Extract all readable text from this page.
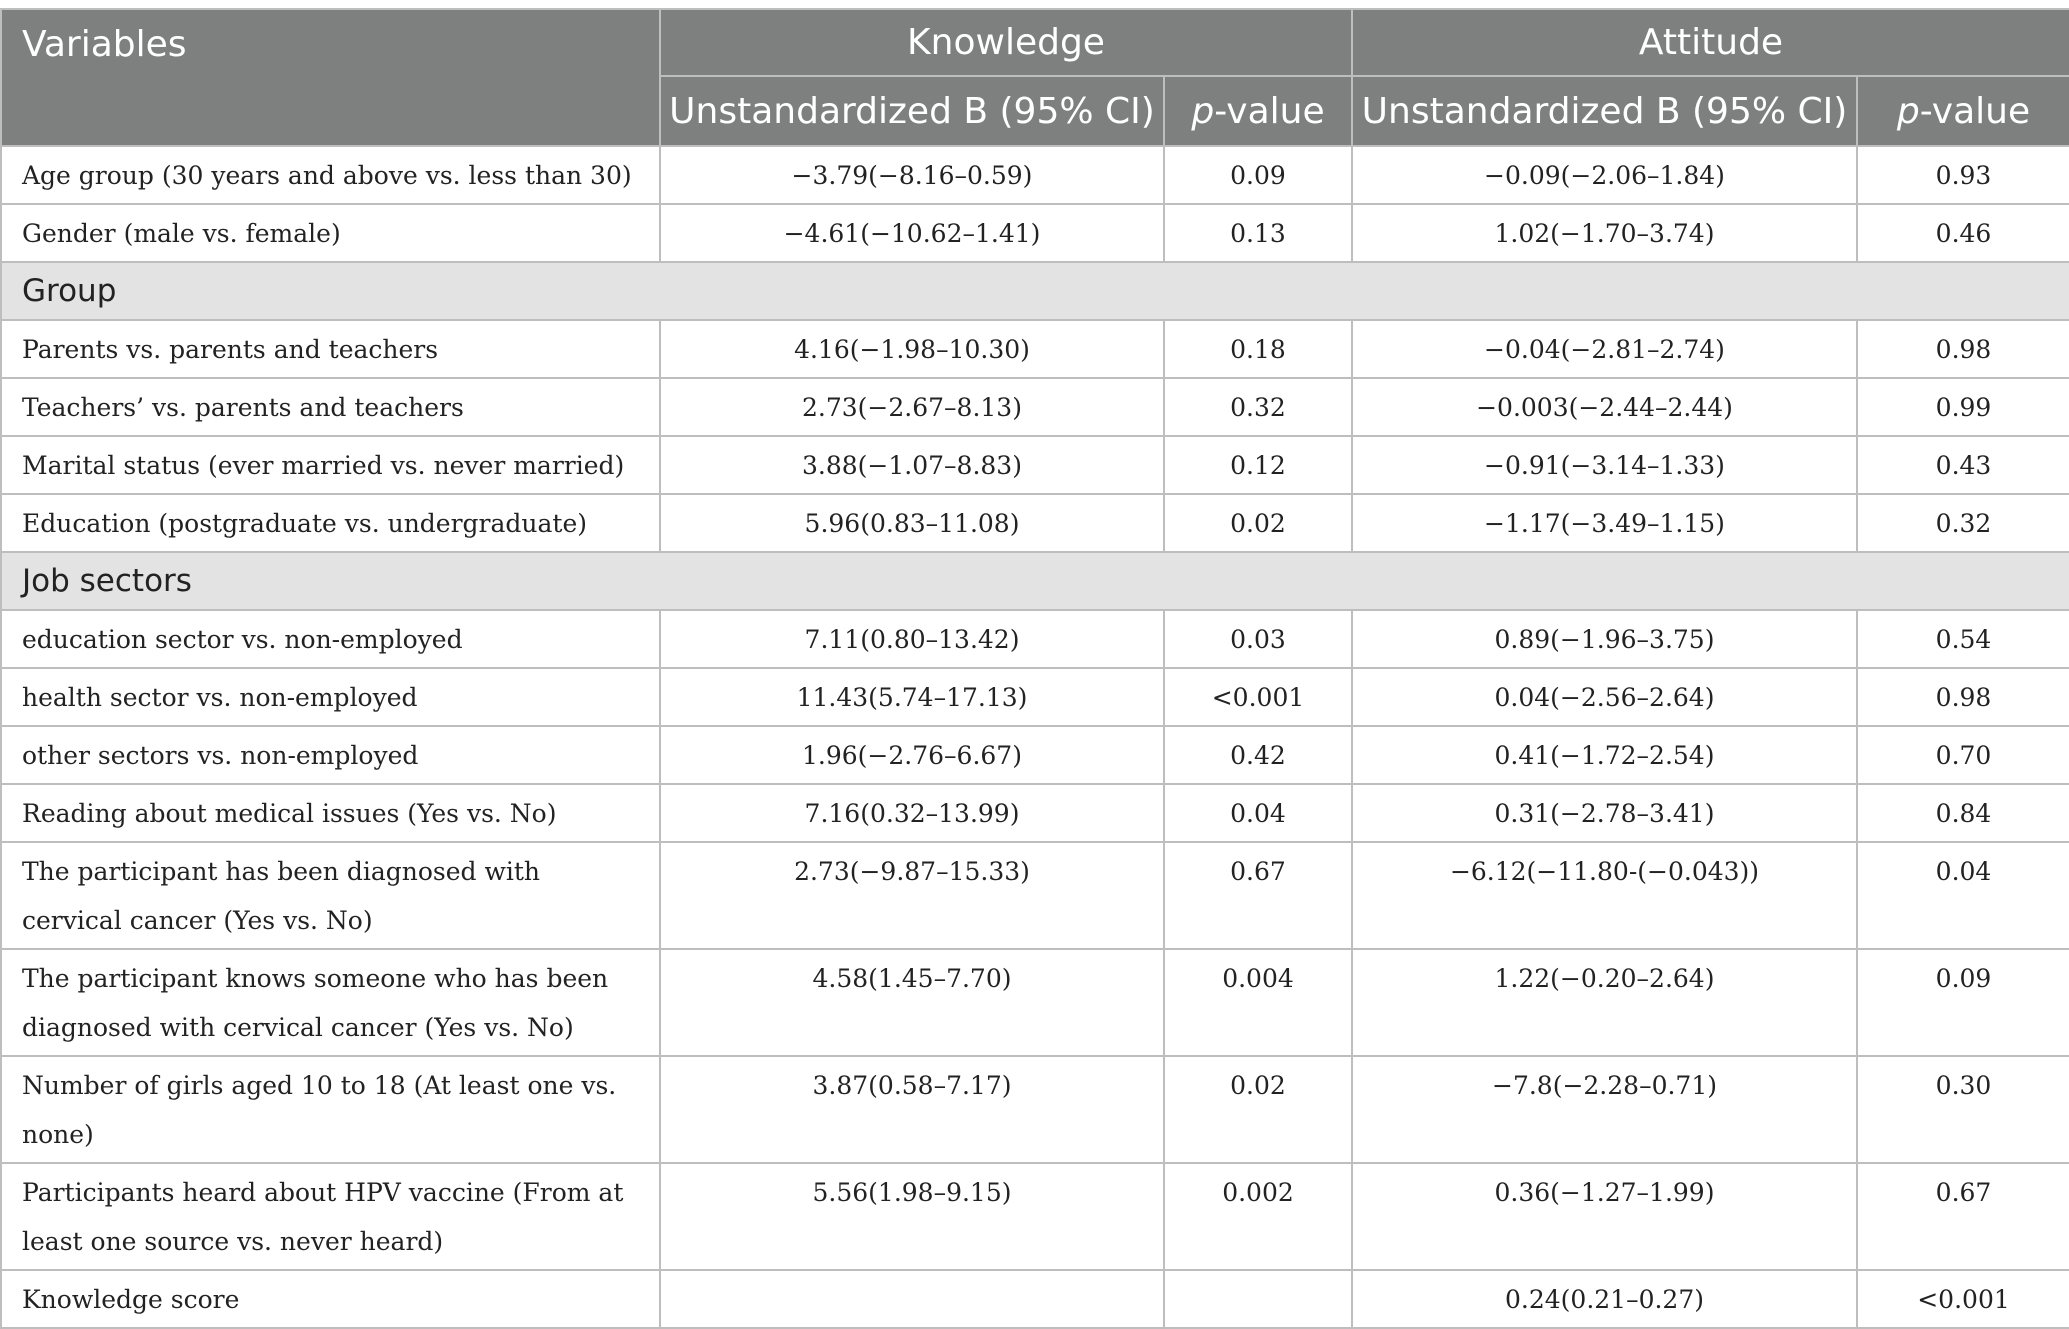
Variables	Knowledge		Attitude	
	Unstandardized B (95% CI)	p-value	Unstandardized B (95% CI)	p-value
Age group (30 years and above vs. less than 30)	−3.79(−8.16–0.59)	0.09	−0.09(−2.06–1.84)	0.93
Gender (male vs. female)	−4.61(−10.62–1.41)	0.13	1.02(−1.70–3.74)	0.46
Group				
Parents vs. parents and teachers	4.16(−1.98–10.30)	0.18	−0.04(−2.81–2.74)	0.98
Teachers’ vs. parents and teachers	2.73(−2.67–8.13)	0.32	−0.003(−2.44–2.44)	0.99
Marital status (ever married vs. never married)	3.88(−1.07–8.83)	0.12	−0.91(−3.14–1.33)	0.43
Education (postgraduate vs. undergraduate)	5.96(0.83–11.08)	0.02	−1.17(−3.49–1.15)	0.32
Job sectors				
education sector vs. non-employed	7.11(0.80–13.42)	0.03	0.89(−1.96–3.75)	0.54
health sector vs. non-employed	11.43(5.74–17.13)	<0.001	0.04(−2.56–2.64)	0.98
other sectors vs. non-employed	1.96(−2.76–6.67)	0.42	0.41(−1.72–2.54)	0.70
Reading about medical issues (Yes vs. No)	7.16(0.32–13.99)	0.04	0.31(−2.78–3.41)	0.84
The participant has been diagnosed with cervical cancer (Yes vs. No)	2.73(−9.87–15.33)	0.67	−6.12(−11.80-(−0.043))	0.04
The participant knows someone who has been diagnosed with cervical cancer (Yes vs. No)	4.58(1.45–7.70)	0.004	1.22(−0.20–2.64)	0.09
Number of girls aged 10 to 18 (At least one vs. none)	3.87(0.58–7.17)	0.02	−7.8(−2.28–0.71)	0.30
Participants heard about HPV vaccine (From at least one source vs. never heard)	5.56(1.98–9.15)	0.002	0.36(−1.27–1.99)	0.67
Knowledge score			0.24(0.21–0.27)	<0.001
